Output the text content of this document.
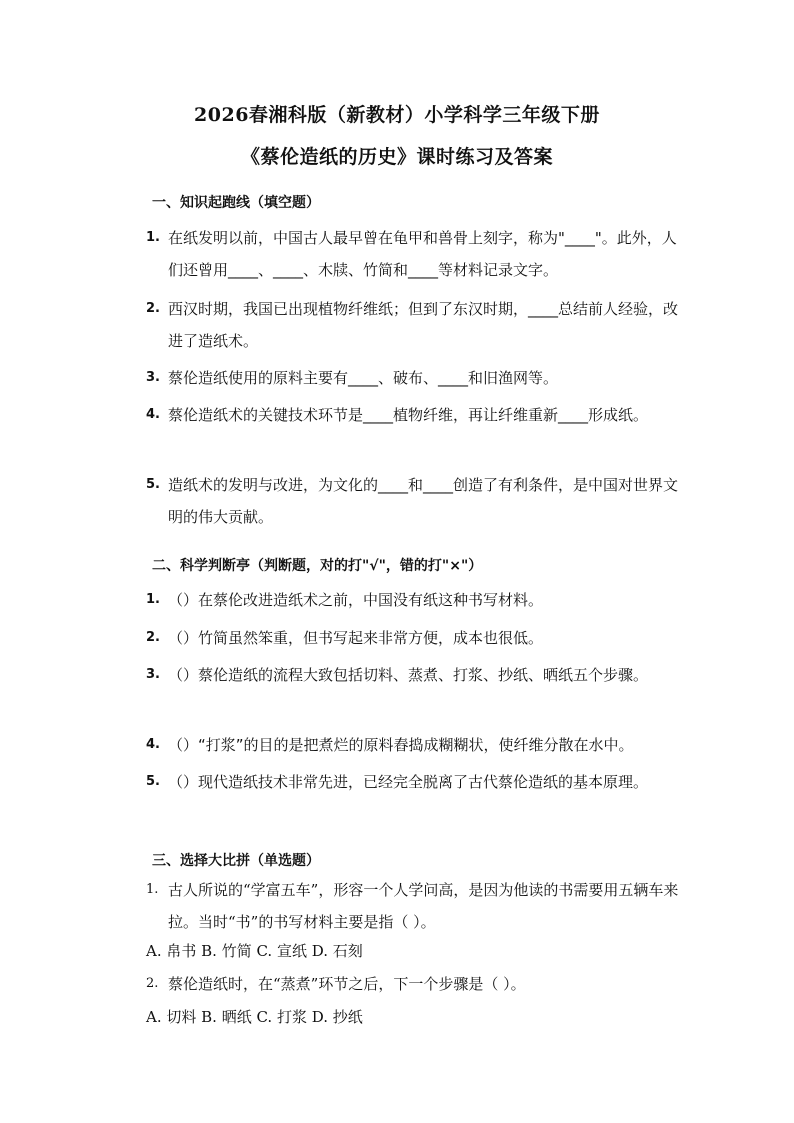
2026春湘科版（新教材）小学科学三年级下册
《蔡伦造纸的历史》课时练习及答案
一、知识起跑线（填空题）
1. 在纸发明以前，中国古人最早曾在龟甲和兽骨上刻字，称为"____"。此外，人们还曾用____、____、木牍、竹简和____等材料记录文字。
2. 西汉时期，我国已出现植物纤维纸；但到了东汉时期，____总结前人经验，改进了造纸术。
3. 蔡伦造纸使用的原料主要有____、破布、____和旧渔网等。
4. 蔡伦造纸术的关键技术环节是____植物纤维，再让纤维重新____形成纸。
5. 造纸术的发明与改进，为文化的____和____创造了有利条件，是中国对世界文明的伟大贡献。
二、科学判断亭（判断题，对的打"√"，错的打"×"）
1. （）在蔡伦改进造纸术之前，中国没有纸这种书写材料。
2. （）竹简虽然笨重，但书写起来非常方便，成本也很低。
3. （）蔡伦造纸的流程大致包括切料、蒸煮、打浆、抄纸、晒纸五个步骤。
4. （）“打浆”的目的是把煮烂的原料舂捣成糊糊状，使纤维分散在水中。
5. （）现代造纸技术非常先进，已经完全脱离了古代蔡伦造纸的基本原理。
三、选择大比拼（单选题）
1. 古人所说的“学富五车”，形容一个人学问高，是因为他读的书需要用五辆车来拉。当时“书”的书写材料主要是指（ ）。
A. 帛书 B. 竹简 C. 宣纸 D. 石刻
2. 蔡伦造纸时，在“蒸煮”环节之后，下一个步骤是（ ）。
A. 切料 B. 晒纸 C. 打浆 D. 抄纸
